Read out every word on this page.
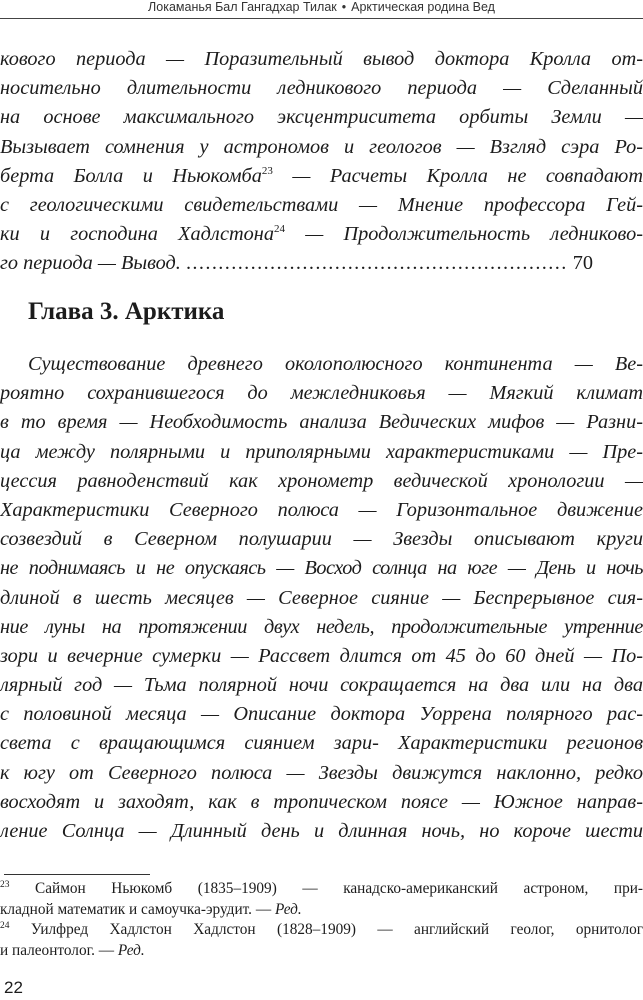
Локаманья Бал Гангадхар Тилак • Арктическая родина Вед
кового периода — Поразительный вывод доктора Кролла от-
носительно длительности ледникового периода — Сделанный
на основе максимального эксцентриситета орбиты Земли —
Вызывает сомнения у астрономов и геологов — Взгляд сэра Ро-
берта Болла и Ньюкомба$^{23}$ — Расчеты Кролла не совпадают
с геологическими свидетельствами — Мнение профессора Гей-
ки и господина Хадлстона$^{24}$ — Продолжительность ледниково-
го периода — Вывод. ........................................................... 70
Глава 3. Арктика
Существование древнего околополюсного континента — Ве-
роятно сохранившегося до межледниковья — Мягкий климат
в то время — Необходимость анализа Ведических мифов — Разни-
ца между полярными и приполярными характеристиками — Пре-
цессия равноденствий как хронометр ведической хронологии —
Характеристики Северного полюса — Горизонтальное движение
созвездий в Северном полушарии — Звезды описывают круги
не поднимаясь и не опускаясь — Восход солнца на юге — День и ночь
длиной в шесть месяцев — Северное сияние — Беспрерывное сия-
ние луны на протяжении двух недель, продолжительные утренние
зори и вечерние сумерки — Рассвет длится от 45 до 60 дней — По-
лярный год — Тьма полярной ночи сокращается на два или на два
с половиной месяца — Описание доктора Уоррена полярного рас-
света с вращающимся сиянием зари- Характеристики регионов
к югу от Северного полюса — Звезды движутся наклонно, редко
восходят и заходят, как в тропическом поясе — Южное направ-
ление Солнца — Длинный день и длинная ночь, но короче шести
$^{23}$ Саймон Ньюкомб (1835–1909) — канадско-американский астроном, при-
кладной математик и самоучка-эрудит. — Ред.
$^{24}$ Уилфред Хадлстон Хадлстон (1828–1909) — английский геолог, орнитолог
и палеонтолог. — Ред.
22
